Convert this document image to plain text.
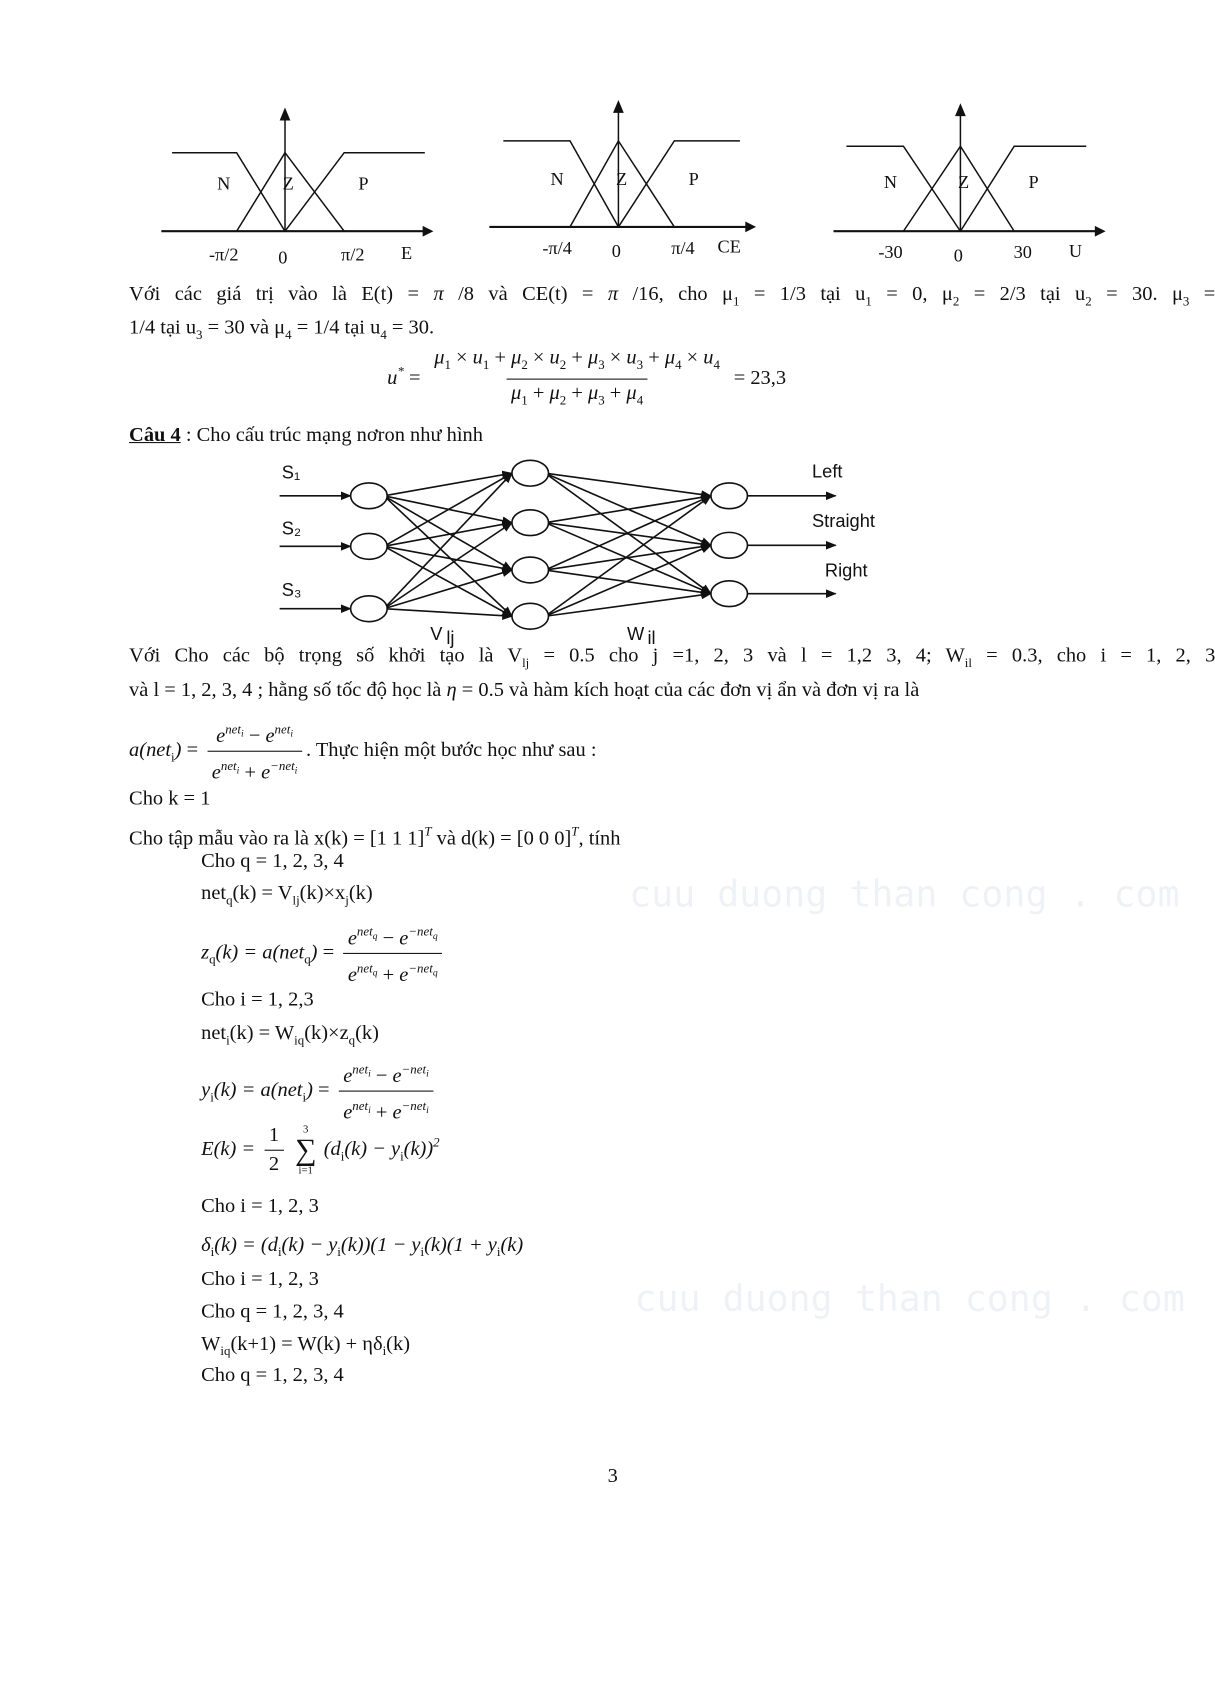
cuu duong than cong . com
cuu duong than cong . com
N	Z	P
-π/2 0	π/2 E
N	Z	P
-π/4 0	π/4 CE
N	Z	P
-30	0	30 U
Với các giá trị vào là E(t) = π /8 và CE(t) = π /16, cho $\mu_1 = 1/3$ tại $u_1 = 0$, $\mu_2 = 2/3$ tại $u_2 = 30$. $\mu_3$ =
1/4 tại $u_3 = 30$ và $\mu_4 = 1/4$ tại $u_4 = 30$.
$u^* = \frac{\mu_1 \times u_1 + \mu_2 \times u_2 + \mu_3 \times u_3 + \mu_4 \times u_4}{\mu_1 + \mu_2 + \mu_3 + \mu_4} = 23,3$
Câu 4 : Cho cấu trúc mạng nơron như hình
S₁
S₂
S₃
Left
Straight
Right
V lj	W il
Với Cho các bộ trọng số khởi tạo là $V_{lj} = 0.5$ cho j =1, 2, 3 và l = 1,2 3, 4; $W_{il} = 0.3$, cho i = 1, 2, 3
và l = 1, 2, 3, 4 ; hằng số tốc độ học là η = 0.5 và hàm kích hoạt của các đơn vị ẩn và đơn vị ra là
$a(net_i) = \frac{e^{net_i} - e^{net_i}}{e^{net_i} + e^{-net_i}}$ . Thực hiện một bước học như sau :
Cho k = 1
Cho tập mẫu vào ra là x(k) = [1 1 1]$^T$ và d(k) = [0 0 0]$^T$, tính
Cho q = 1, 2, 3, 4
$net_q(k) = V_{lj}(k)\times x_j(k)$
$z_q(k) = a(net_q) = \frac{e^{net_q} - e^{-net_q}}{e^{net_q} + e^{-net_q}}$
Cho i = 1, 2,3
$net_i(k) = W_{iq}(k)\times z_q(k)$
$y_i(k) = a(net_i) = \frac{e^{net_i} - e^{-net_i}}{e^{net_i} + e^{-net_i}}$
$E(k) = \frac{1}{2}$
3
∑
i=1
$(d_i(k) - y_i(k))^2$
Cho i = 1, 2, 3
$\delta_i(k) = (d_i(k) - y_i(k))(1 - y_i(k)(1 + y_i(k)$
Cho i = 1, 2, 3
Cho q = 1, 2, 3, 4
$W_{iq}(k+1) = W(k) + \eta\delta_i(k)$
Cho q = 1, 2, 3, 4
3
